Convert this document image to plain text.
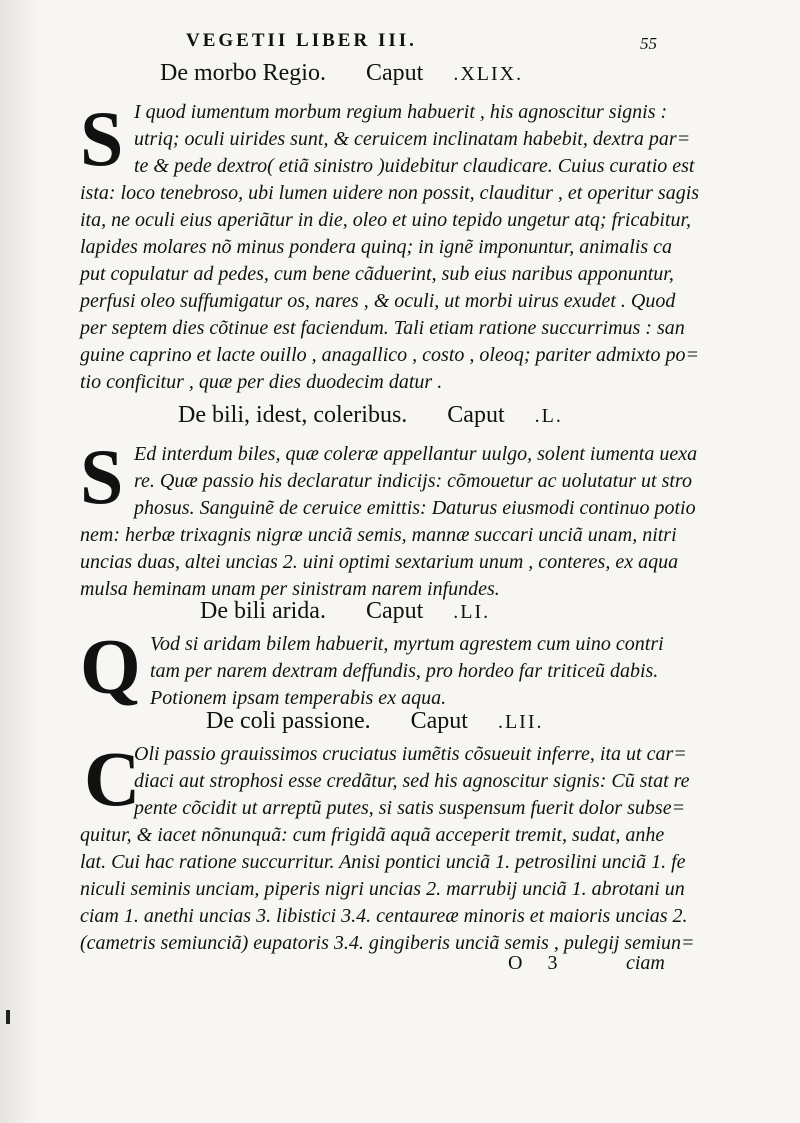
VEGETII LIBER III.	55
De morbo Regio. Caput .XLIX.
S I quod iumentum morbum regium habuerit , his agnoscitur signis :
utriq; oculi uirides sunt, & ceruicem inclinatam habebit, dextra par=
te & pede dextro( etiã sinistro )uidebitur claudicare. Cuius curatio est
ista: loco tenebroso, ubi lumen uidere non possit, clauditur , et operitur sagis
ita, ne oculi eius aperiãtur in die, oleo et uino tepido ungetur atq; fricabitur,
lapides molares nõ minus pondera quinq; in ignẽ imponuntur, animalis ca
put copulatur ad pedes, cum bene cãduerint, sub eius naribus apponuntur,
perfusi oleo suffumigatur os, nares , & oculi, ut morbi uirus exudet . Quod
per septem dies cõtinue est faciendum. Tali etiam ratione succurrimus : san
guine caprino et lacte ouillo , anagallico , costo , oleoq; pariter admixto po=
tio conficitur , quæ per dies duodecim datur .
De bili, idest, coleribus. Caput .L.
S Ed interdum biles, quæ coleræ appellantur uulgo, solent iumenta uexa
re. Quæ passio his declaratur indicijs: cõmouetur ac uolutatur ut stro
phosus. Sanguinẽ de ceruice emittis: Daturus eiusmodi continuo potio
nem: herbæ trixagnis nigræ unciã semis, mannæ succari unciã unam, nitri
uncias duas, altei uncias 2. uini optimi sextarium unum , conteres, ex aqua
mulsa heminam unam per sinistram narem infundes.
De bili arida. Caput .LI.
Q Vod si aridam bilem habuerit, myrtum agrestem cum uino contri
tam per narem dextram deffundis, pro hordeo far triticeũ dabis.
Potionem ipsam temperabis ex aqua.
De coli passione. Caput .LII.
C
Oli passio grauissimos cruciatus iumẽtis cõsueuit inferre, ita ut car=
diaci aut strophosi esse credãtur, sed his agnoscitur signis: Cũ stat re
pente cõcidit ut arreptũ putes, si satis suspensum fuerit dolor subse=
quitur, & iacet nõnunquã: cum frigidã aquã acceperit tremit, sudat, anhe
lat. Cui hac ratione succurritur. Anisi pontici unciã 1. petrosilini unciã 1. fe
niculi seminis unciam, piperis nigri uncias 2. marrubij unciã 1. abrotani un
ciam 1. anethi uncias 3. libistici 3.4. centaureæ minoris et maioris uncias 2.
(cametris semiunciã) eupatoris 3.4. gingiberis unciã semis , pulegij semiun=
O 3	ciam
